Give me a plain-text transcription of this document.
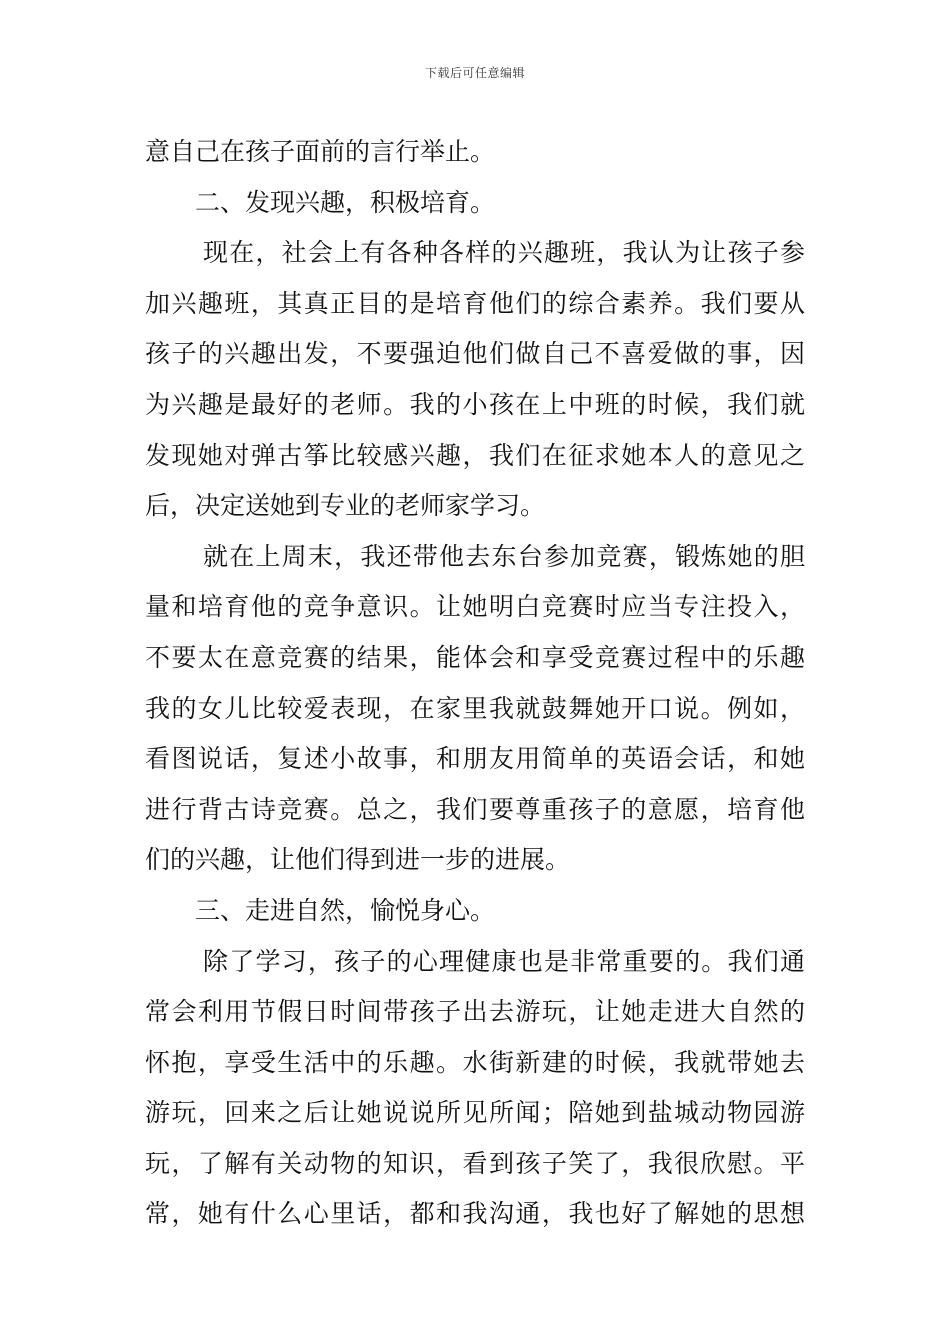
下载后可任意编辑
意自己在孩子面前的言行举止。
二、发现兴趣，积极培育。
现在，社会上有各种各样的兴趣班，我认为让孩子参
加兴趣班，其真正目的是培育他们的综合素养。我们要从
孩子的兴趣出发，不要强迫他们做自己不喜爱做的事，因
为兴趣是最好的老师。我的小孩在上中班的时候，我们就
发现她对弹古筝比较感兴趣，我们在征求她本人的意见之
后，决定送她到专业的老师家学习。
就在上周末，我还带他去东台参加竞赛，锻炼她的胆
量和培育他的竞争意识。让她明白竞赛时应当专注投入，
不要太在意竞赛的结果，能体会和享受竞赛过程中的乐趣
我的女儿比较爱表现，在家里我就鼓舞她开口说。例如，
看图说话，复述小故事，和朋友用简单的英语会话，和她
进行背古诗竞赛。总之，我们要尊重孩子的意愿，培育他
们的兴趣，让他们得到进一步的进展。
三、走进自然，愉悦身心。
除了学习，孩子的心理健康也是非常重要的。我们通
常会利用节假日时间带孩子出去游玩，让她走进大自然的
怀抱，享受生活中的乐趣。水街新建的时候，我就带她去
游玩，回来之后让她说说所见所闻；陪她到盐城动物园游
玩，了解有关动物的知识，看到孩子笑了，我很欣慰。平
常，她有什么心里话，都和我沟通，我也好了解她的思想
